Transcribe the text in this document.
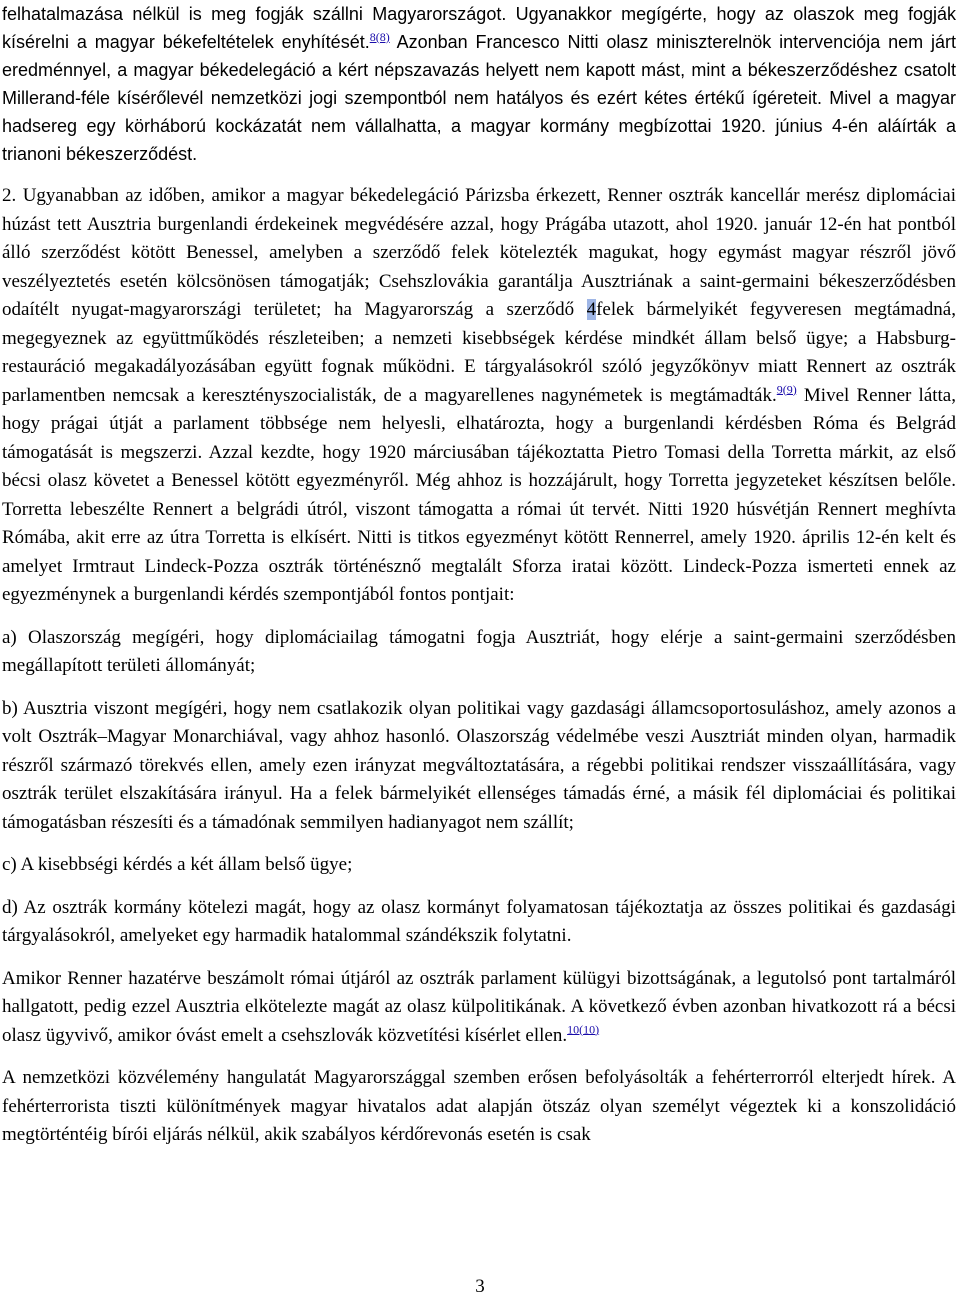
felhatalmazása nélkül is meg fogják szállni Magyarországot. Ugyanakkor megígérte, hogy az olaszok meg fogják kísérelni a magyar békefeltételek enyhítését.$^{8(8)}$ Azonban Francesco Nitti olasz miniszterelnök intervenciója nem járt eredménnyel, a magyar békedelegáció a kért népszavazás helyett nem kapott mást, mint a békeszerződéshez csatolt Millerand-féle kísérőlevél nemzetközi jogi szempontból nem hatályos és ezért kétes értékű ígéreteit. Mivel a magyar hadsereg egy körháború kockázatát nem vállalhatta, a magyar kormány megbízottai 1920. június 4-én aláírták a trianoni békeszerződést.

2. Ugyanabban az időben, amikor a magyar békedelegáció Párizsba érkezett, Renner osztrák kancellár merész diplomáciai húzást tett Ausztria burgenlandi érdekeinek megvédésére azzal, hogy Prágába utazott, ahol 1920. január 12-én hat pontból álló szerződést kötött Benessel, amelyben a szerződő felek kötelezték magukat, hogy egymást magyar részről jövő veszélyeztetés esetén kölcsönösen támogatják; Csehszlovákia garantálja Ausztriának a saint-germaini békeszerződésben odaítélt nyugat-magyarországi területet; ha Magyarország a szerződő 4felek bármelyikét fegyveresen megtámadná, megegyeznek az együttműködés részleteiben; a nemzeti kisebbségek kérdése mindkét állam belső ügye; a Habsburg-restauráció megakadályozásában együtt fognak működni. E tárgyalásokról szóló jegyzőkönyv miatt Rennert az osztrák parlamentben nemcsak a keresztényszocialisták, de a magyarellenes nagynémetek is megtámadták.$^{9(9)}$ Mivel Renner látta, hogy prágai útját a parlament többsége nem helyesli, elhatározta, hogy a burgenlandi kérdésben Róma és Belgrád támogatását is megszerzi. Azzal kezdte, hogy 1920 márciusában tájékoztatta Pietro Tomasi della Torretta márkit, az első bécsi olasz követet a Benessel kötött egyezményről. Még ahhoz is hozzájárult, hogy Torretta jegyzeteket készítsen belőle. Torretta lebeszélte Rennert a belgrádi útról, viszont támogatta a római út tervét. Nitti 1920 húsvétján Rennert meghívta Rómába, akit erre az útra Torretta is elkísért. Nitti is titkos egyezményt kötött Rennerrel, amely 1920. április 12-én kelt és amelyet Irmtraut Lindeck-Pozza osztrák történésznő megtalált Sforza iratai között. Lindeck-Pozza ismerteti ennek az egyezménynek a burgenlandi kérdés szempontjából fontos pontjait:

a) Olaszország megígéri, hogy diplomáciailag támogatni fogja Ausztriát, hogy elérje a saint-germaini szerződésben megállapított területi állományát;

b) Ausztria viszont megígéri, hogy nem csatlakozik olyan politikai vagy gazdasági államcsoportosuláshoz, amely azonos a volt Osztrák–Magyar Monarchiával, vagy ahhoz hasonló. Olaszország védelmébe veszi Ausztriát minden olyan, harmadik részről származó törekvés ellen, amely ezen irányzat megváltoztatására, a régebbi politikai rendszer visszaállítására, vagy osztrák terület elszakítására irányul. Ha a felek bármelyikét ellenséges támadás érné, a másik fél diplomáciai és politikai támogatásban részesíti és a támadónak semmilyen hadianyagot nem szállít;

c) A kisebbségi kérdés a két állam belső ügye;

d) Az osztrák kormány kötelezi magát, hogy az olasz kormányt folyamatosan tájékoztatja az összes politikai és gazdasági tárgyalásokról, amelyeket egy harmadik hatalommal szándékszik folytatni.

Amikor Renner hazatérve beszámolt római útjáról az osztrák parlament külügyi bizottságának, a legutolsó pont tartalmáról hallgatott, pedig ezzel Ausztria elkötelezte magát az olasz külpolitikának. A következő évben azonban hivatkozott rá a bécsi olasz ügyvivő, amikor óvást emelt a csehszlovák közvetítési kísérlet ellen.$^{10(10)}$

A nemzetközi közvélemény hangulatát Magyarországgal szemben erősen befolyásolták a fehérterrorról elterjedt hírek. A fehérterrorista tiszti különítmények magyar hivatalos adat alapján ötszáz olyan személyt végeztek ki a konszolidáció megtörténtéig bírói eljárás nélkül, akik szabályos kérdőrevonás esetén is csak

3
